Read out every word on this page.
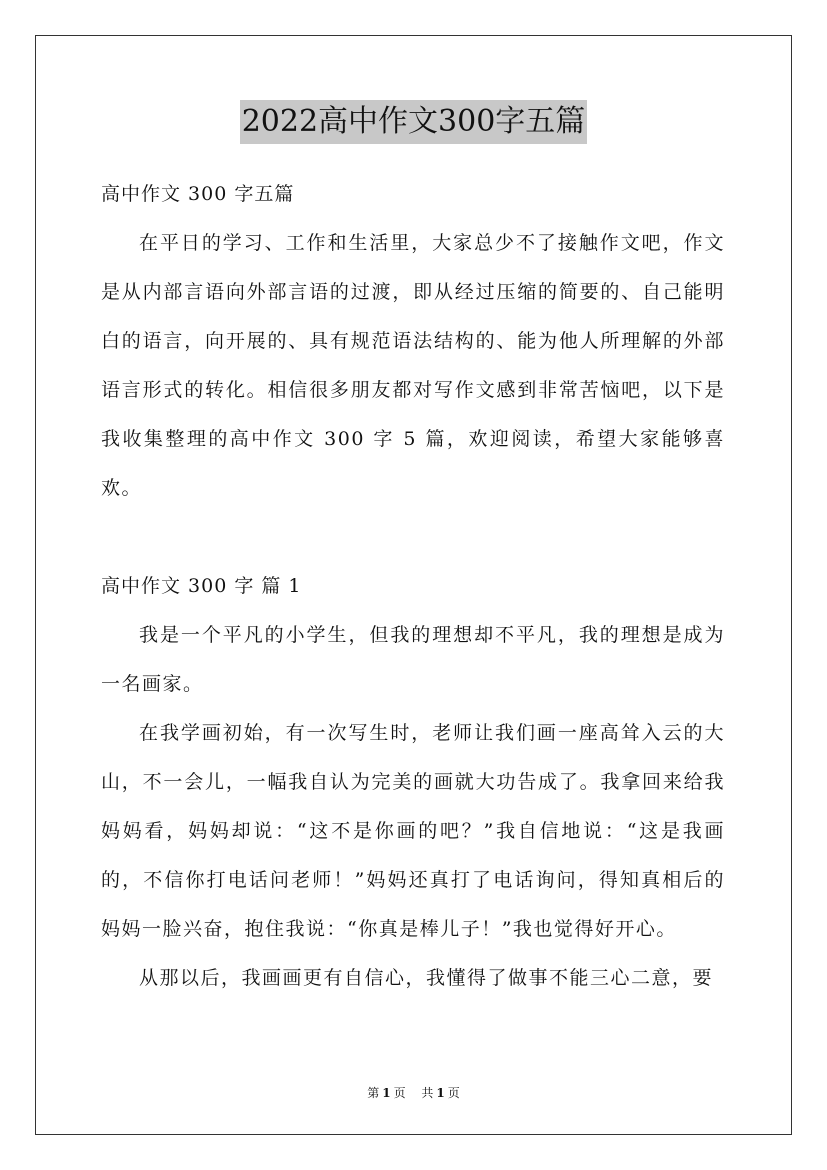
2022高中作文300字五篇

高中作文 300 字五篇

在平日的学习、工作和生活里，大家总少不了接触作文吧，作文是从内部言语向外部言语的过渡，即从经过压缩的简要的、自己能明白的语言，向开展的、具有规范语法结构的、能为他人所理解的外部语言形式的转化。相信很多朋友都对写作文感到非常苦恼吧，以下是我收集整理的高中作文 300 字 5 篇，欢迎阅读，希望大家能够喜欢。

高中作文 300 字 篇 1

我是一个平凡的小学生，但我的理想却不平凡，我的理想是成为一名画家。

在我学画初始，有一次写生时，老师让我们画一座高耸入云的大山，不一会儿，一幅我自认为完美的画就大功告成了。我拿回来给我妈妈看，妈妈却说：“这不是你画的吧？”我自信地说：“这是我画的，不信你打电话问老师！”妈妈还真打了电话询问，得知真相后的妈妈一脸兴奋，抱住我说：“你真是棒儿子！”我也觉得好开心。

从那以后，我画画更有自信心，我懂得了做事不能三心二意，要

第 1 页 共 1 页
